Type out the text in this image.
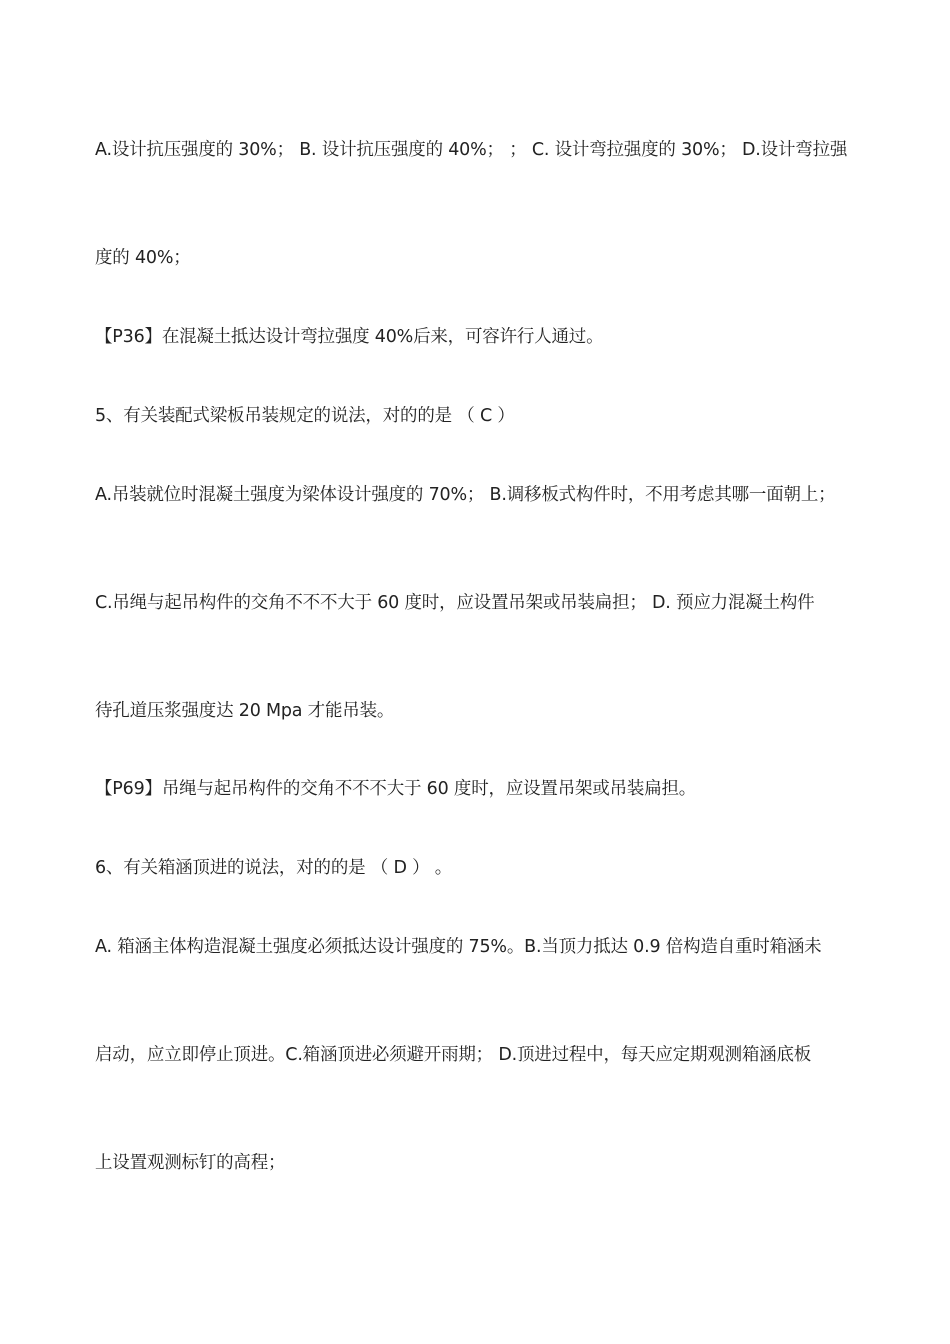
A.设计抗压强度的 30%； B. 设计抗压强度的 40%； ； C. 设计弯拉强度的 30%； D.设计弯拉强
度的 40%；
【P36】在混凝土抵达设计弯拉强度 40%后来，可容许行人通过。
5、有关装配式梁板吊装规定的说法，对的的是 （ C ）
A.吊装就位时混凝土强度为梁体设计强度的 70%； B.调移板式构件时，不用考虑其哪一面朝上；
C.吊绳与起吊构件的交角不不不大于 60 度时，应设置吊架或吊装扁担； D. 预应力混凝土构件
待孔道压浆强度达 20 Mpa 才能吊装。
【P69】吊绳与起吊构件的交角不不不大于 60 度时，应设置吊架或吊装扁担。
6、有关箱涵顶进的说法，对的的是 （ D ） 。
A. 箱涵主体构造混凝土强度必须抵达设计强度的 75%。B.当顶力抵达 0.9 倍构造自重时箱涵未
启动，应立即停止顶进。C.箱涵顶进必须避开雨期； D.顶进过程中，每天应定期观测箱涵底板
上设置观测标钉的高程；
